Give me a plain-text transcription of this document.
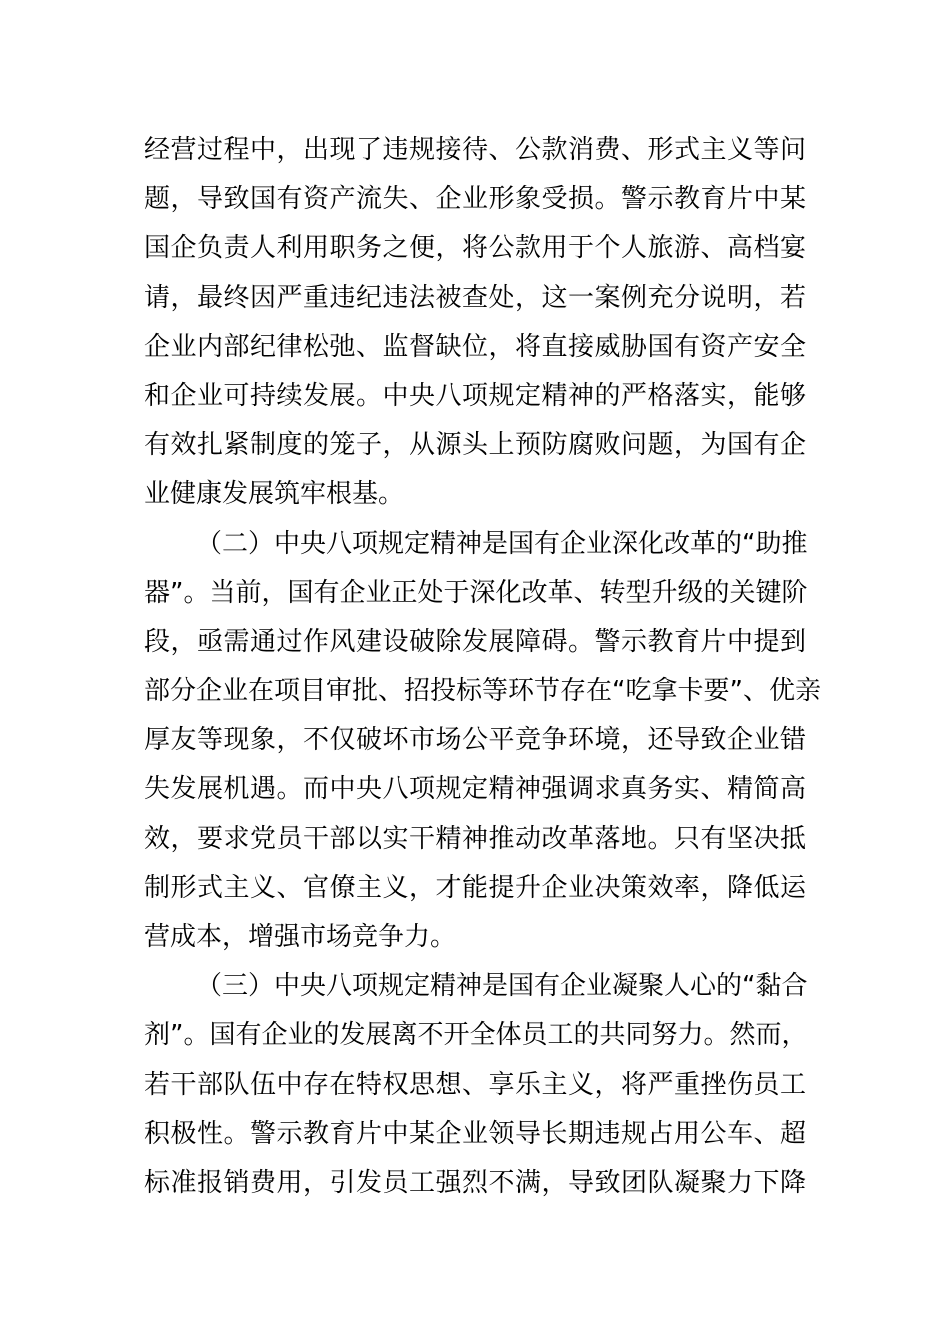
经营过程中，出现了违规接待、公款消费、形式主义等问
题，导致国有资产流失、企业形象受损。警示教育片中某
国企负责人利用职务之便，将公款用于个人旅游、高档宴
请，最终因严重违纪违法被查处，这一案例充分说明，若
企业内部纪律松弛、监督缺位，将直接威胁国有资产安全
和企业可持续发展。中央八项规定精神的严格落实，能够
有效扎紧制度的笼子，从源头上预防腐败问题，为国有企
业健康发展筑牢根基。
（二）中央八项规定精神是国有企业深化改革的“助推
器”。当前，国有企业正处于深化改革、转型升级的关键阶
段，亟需通过作风建设破除发展障碍。警示教育片中提到
部分企业在项目审批、招投标等环节存在“吃拿卡要”、优亲
厚友等现象，不仅破坏市场公平竞争环境，还导致企业错
失发展机遇。而中央八项规定精神强调求真务实、精简高
效，要求党员干部以实干精神推动改革落地。只有坚决抵
制形式主义、官僚主义，才能提升企业决策效率，降低运
营成本，增强市场竞争力。
（三）中央八项规定精神是国有企业凝聚人心的“黏合
剂”。国有企业的发展离不开全体员工的共同努力。然而，
若干部队伍中存在特权思想、享乐主义，将严重挫伤员工
积极性。警示教育片中某企业领导长期违规占用公车、超
标准报销费用，引发员工强烈不满，导致团队凝聚力下降
